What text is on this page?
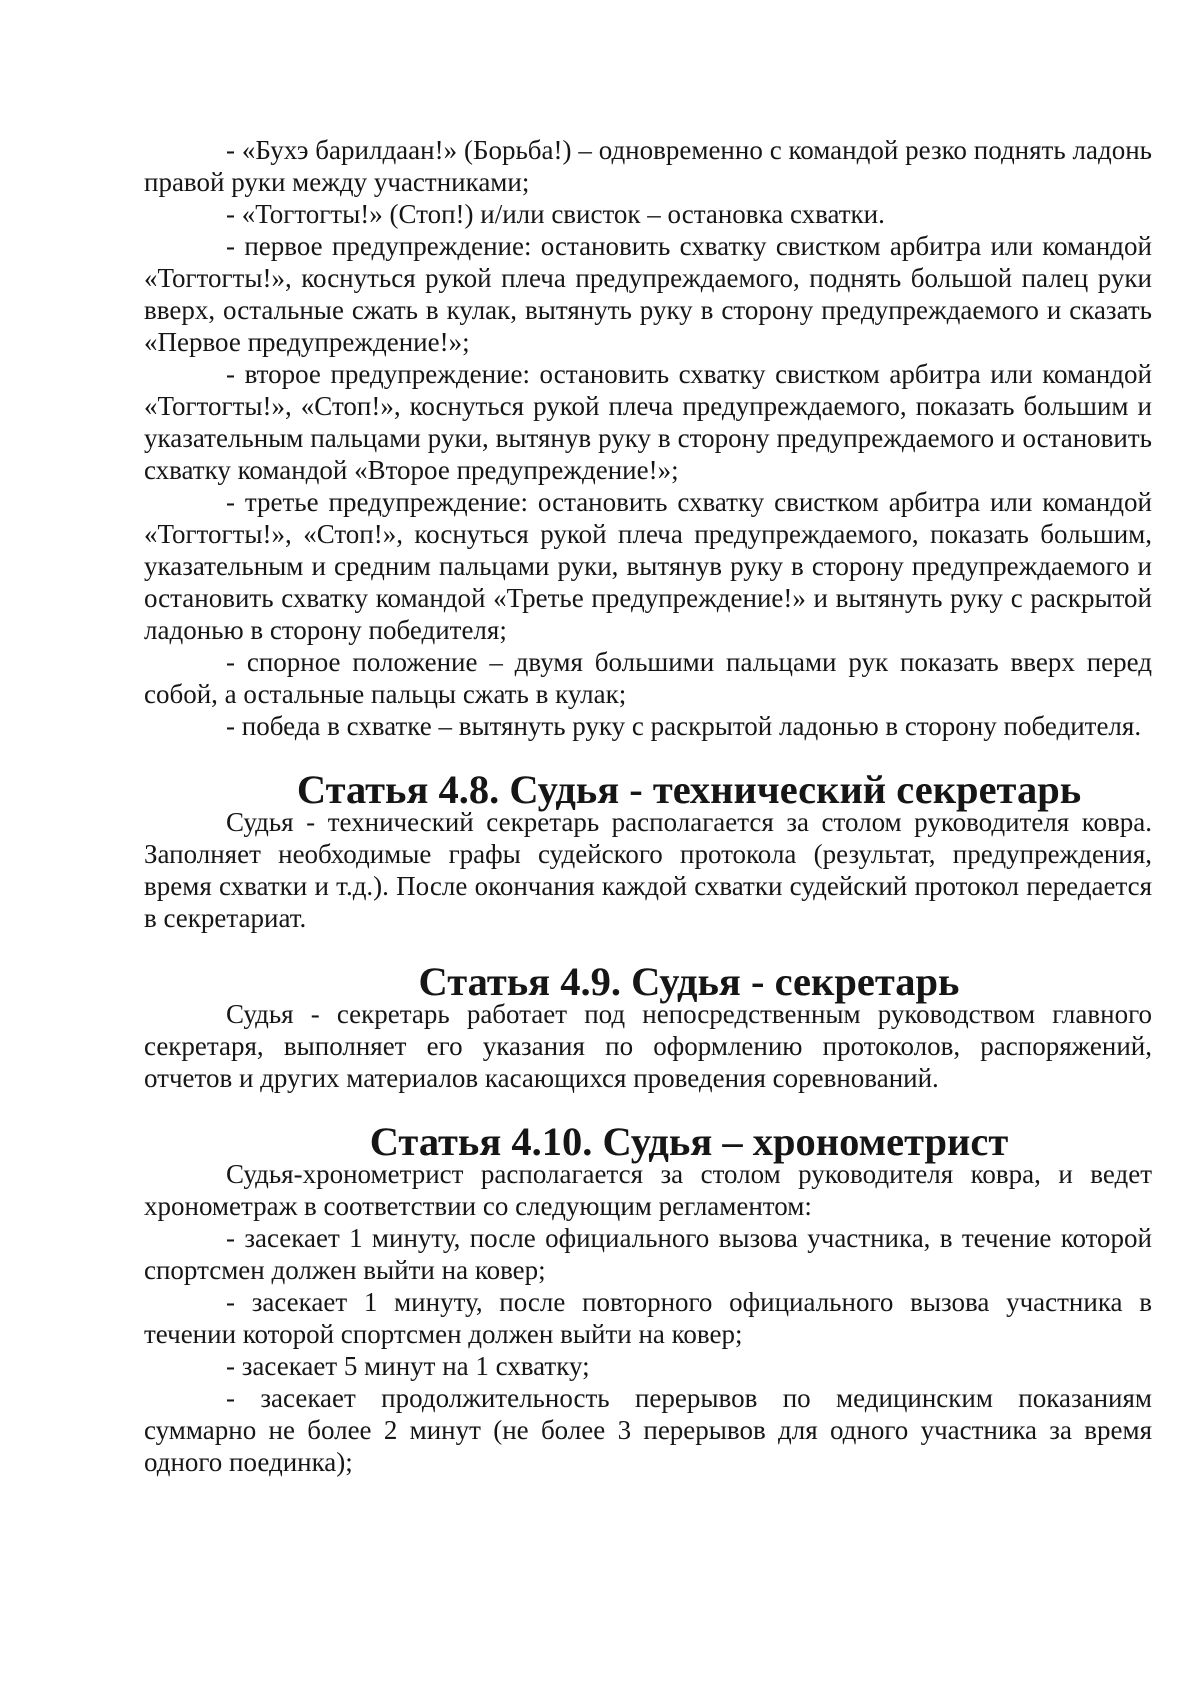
- «Бухэ барилдаан!» (Борьба!) – одновременно с командой резко поднять ладонь правой руки между участниками;

- «Тогтогты!» (Стоп!) и/или свисток – остановка схватки.

- первое предупреждение: остановить схватку свистком арбитра или командой «Тогтогты!», коснуться рукой плеча предупреждаемого, поднять большой палец руки вверх, остальные сжать в кулак, вытянуть руку в сторону предупреждаемого и сказать «Первое предупреждение!»;

- второе предупреждение: остановить схватку свистком арбитра или командой «Тогтогты!», «Стоп!», коснуться рукой плеча предупреждаемого, показать большим и указательным пальцами руки, вытянув руку в сторону предупреждаемого и остановить схватку командой «Второе предупреждение!»;

- третье предупреждение: остановить схватку свистком арбитра или командой «Тогтогты!», «Стоп!», коснуться рукой плеча предупреждаемого, показать большим, указательным и средним пальцами руки, вытянув руку в сторону предупреждаемого и остановить схватку командой «Третье предупреждение!» и вытянуть руку с раскрытой ладонью в сторону победителя;

- спорное положение – двумя большими пальцами рук показать вверх перед собой, а остальные пальцы сжать в кулак;

- победа в схватке – вытянуть руку с раскрытой ладонью в сторону победителя.

Статья 4.8. Судья - технический секретарь

Судья - технический секретарь располагается за столом руководителя ковра. Заполняет необходимые графы судейского протокола (результат, предупреждения, время схватки и т.д.). После окончания каждой схватки судейский протокол передается в секретариат.

Статья 4.9. Судья - секретарь

Судья - секретарь работает под непосредственным руководством главного секретаря, выполняет его указания по оформлению протоколов, распоряжений, отчетов и других материалов касающихся проведения соревнований.

Статья 4.10. Судья – хронометрист

Судья-хронометрист располагается за столом руководителя ковра, и ведет хронометраж в соответствии со следующим регламентом:

- засекает 1 минуту, после официального вызова участника, в течение которой спортсмен должен выйти на ковер;

- засекает 1 минуту, после повторного официального вызова участника в течении которой спортсмен должен выйти на ковер;

- засекает 5 минут на 1 схватку;

- засекает продолжительность перерывов по медицинским показаниям суммарно не более 2 минут (не более 3 перерывов для одного участника за время одного поединка);
